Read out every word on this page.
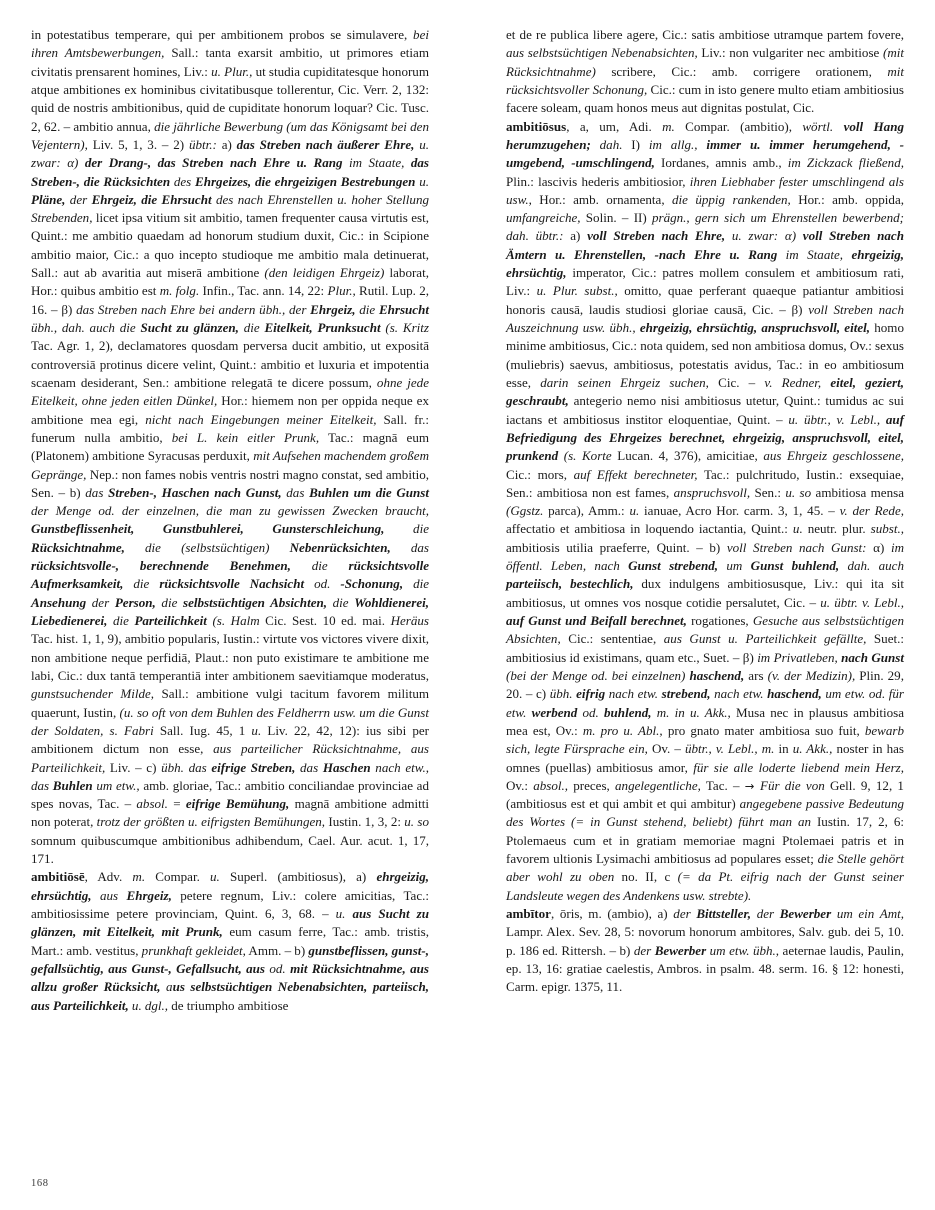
in potestatibus temperare, qui per ambitionem probos se simulavere, bei ihren Amtsbewerbungen, Sall.: tanta exarsit ambitio, ut primores etiam civitatis prensarent homines, Liv.: u. Plur., ut studia cupiditatesque honorum atque ambitiones ex hominibus civitatibusque tollerentur, Cic. Verr. 2, 132: quid de nostris ambitionibus, quid de cupiditate honorum loquar? Cic. Tusc. 2, 62. – ambitio annua, die jährliche Bewerbung (um das Königsamt bei den Vejentern), Liv. 5, 1, 3. – 2) übtr.: a) das Streben nach äußerer Ehre, u. zwar: α) der Drang-, das Streben nach Ehre u. Rang im Staate, das Streben-, die Rücksichten des Ehrgeizes, die ehrgeizigen Bestrebungen u. Pläne, der Ehrgeiz, die Ehrsucht des nach Ehrenstellen u. hoher Stellung Strebenden, licet ipsa vitium sit ambitio, tamen frequenter causa virtutis est, Quint.: me ambitio quaedam ad honorum studium duxit, Cic.: in Scipione ambitio maior, Cic.: a quo incepto studioque me ambitio mala detinuerat, Sall.: aut ab avaritia aut miserā ambitione (den leidigen Ehrgeiz) laborat, Hor.: quibus ambitio est m. folg. Infin., Tac. ann. 14, 22: Plur., Rutil. Lup. 2, 16. – β) das Streben nach Ehre bei andern übh., der Ehrgeiz, die Ehrsucht übh., dah. auch die Sucht zu glänzen, die Eitelkeit, Prunksucht (s. Kritz Tac. Agr. 1, 2), declamatores quosdam perversa ducit ambitio, ut expositā controversiā protinus dicere velint, Quint.: ambitio et luxuria et impotentia scaenam desiderant, Sen.: ambitione relegatā te dicere possum, ohne jede Eitelkeit, ohne jeden eitlen Dünkel, Hor.: hiemem non per oppida neque ex ambitione mea egi, nicht nach Eingebungen meiner Eitelkeit, Sall. fr.: funerum nulla ambitio, bei L. kein eitler Prunk, Tac.: magnā eum (Platonem) ambitione Syracusas perduxit, mit Aufsehen machendem großem Gepränge, Nep.: non fames nobis ventris nostri magno constat, sed ambitio, Sen. – b) das Streben-, Haschen nach Gunst, das Buhlen um die Gunst der Menge od. der einzelnen, die man zu gewissen Zwecken braucht, Gunstbeflissenheit, Gunstbuhlerei, Gunsterschleichung, die Rücksichtnahme, die (selbstsüchtigen) Nebenrücksichten, das rücksichtsvolle-, berechnende Benehmen, die rücksichtsvolle Aufmerksamkeit, die rücksichtsvolle Nachsicht od. -Schonung, die Ansehung der Person, die selbstsüchtigen Absichten, die Wohldienerei, Liebedienerei, die Parteilichkeit (s. Halm Cic. Sest. 10 ed. mai. Heräus Tac. hist. 1, 1, 9), ambitio popularis, Iustin.: virtute vos victores vivere dixit, non ambitione neque perfidiā, Plaut.: non puto existimare te ambitione me labi, Cic.: dux tantā temperantiā inter ambitionem saevitiamque moderatus, gunstsuchender Milde, Sall.: ambitione vulgi tacitum favorem militum quaerunt, Iustin, (u. so oft von dem Buhlen des Feldherrn usw. um die Gunst der Soldaten, s. Fabri Sall. Iug. 45, 1 u. Liv. 22, 42, 12): ius sibi per ambitionem dictum non esse, aus parteilicher Rücksichtnahme, aus Parteilichkeit, Liv. – c) übh. das eifrige Streben, das Haschen nach etw., das Buhlen um etw., amb. gloriae, Tac.: ambitio conciliandae provinciae ad spes novas, Tac. – absol. = eifrige Bemühung, magnā ambitione admitti non poterat, trotz der größten u. eifrigsten Bemühungen, Iustin. 1, 3, 2: u. so somnum quibuscumque ambitionibus adhibendum, Cael. Aur. acut. 1, 17, 171.

ambitiōsē, Adv. m. Compar. u. Superl. (ambitiosus), a) ehrgeizig, ehrsüchtig, aus Ehrgeiz, petere regnum, Liv.: colere amicitias, Tac.: ambitiosissime petere provinciam, Quint. 6, 3, 68. – u. aus Sucht zu glänzen, mit Eitelkeit, mit Prunk, eum casum ferre, Tac.: amb. tristis, Mart.: amb. vestitus, prunkhaft gekleidet, Amm. – b) gunstbeflissen, gunst-, gefallsüchtig, aus Gunst-, Gefallsucht, aus od. mit Rücksichtnahme, aus allzu großer Rücksicht, aus selbstsüchtigen Nebenabsichten, parteiisch, aus Parteilichkeit, u. dgl., de triumpho ambitiose

et de re publica libere agere, Cic.: satis ambitiose utramque partem fovere, aus selbstsüchtigen Nebenabsichten, Liv.: non vulgariter nec ambitiose (mit Rücksichtnahme) scribere, Cic.: amb. corrigere orationem, mit rücksichtsvoller Schonung, Cic.: cum in isto genere multo etiam ambitiosius facere soleam, quam honos meus aut dignitas postulat, Cic.

ambitiōsus, a, um, Adi. m. Compar. (ambitio), wörtl. voll Hang herumzugehen; dah. I) im allg., immer u. immer herumgehend, -umgebend, -umschlingend, Iordanes, amnis amb., im Zickzack fließend, Plin.: lascivis hederis ambitiosior, ihren Liebhaber fester umschlingend als usw., Hor.: amb. ornamenta, die üppig rankenden, Hor.: amb. oppida, umfangreiche, Solin. – II) prägn., gern sich um Ehrenstellen bewerbend; dah. übtr.: a) voll Streben nach Ehre, u. zwar: α) voll Streben nach Ämtern u. Ehrenstellen, -nach Ehre u. Rang im Staate, ehrgeizig, ehrsüchtig, imperator, Cic.: patres mollem consulem et ambitiosum rati, Liv.: u. Plur. subst., omitto, quae perferant quaeque patiantur ambitiosi honoris causā, laudis studiosi gloriae causā, Cic. – β) voll Streben nach Auszeichnung usw. übh., ehrgeizig, ehrsüchtig, anspruchsvoll, eitel, homo minime ambitiosus, Cic.: nota quidem, sed non ambitiosa domus, Ov.: sexus (muliebris) saevus, ambitiosus, potestatis avidus, Tac.: in eo ambitiosum esse, darin seinen Ehrgeiz suchen, Cic. – v. Redner, eitel, geziert, geschraubt, antegerio nemo nisi ambitiosus utetur, Quint.: tumidus ac sui iactans et ambitiosus institor eloquentiae, Quint. – u. übtr., v. Lebl., auf Befriedigung des Ehrgeizes berechnet, ehrgeizig, anspruchsvoll, eitel, prunkend (s. Korte Lucan. 4, 376), amicitiae, aus Ehrgeiz geschlossene, Cic.: mors, auf Effekt berechneter, Tac.: pulchritudo, Iustin.: exsequiae, Sen.: ambitiosa non est fames, anspruchsvoll, Sen.: u. so ambitiosa mensa (Ggstz. parca), Amm.: u. ianuae, Acro Hor. carm. 3, 1, 45. – v. der Rede, affectatio et ambitiosa in loquendo iactantia, Quint.: u. neutr. plur. subst., ambitiosis utilia praeferre, Quint. – b) voll Streben nach Gunst: α) im öffentl. Leben, nach Gunst strebend, um Gunst buhlend, dah. auch parteiisch, bestechlich, dux indulgens ambitiosusque, Liv.: qui ita sit ambitiosus, ut omnes vos nosque cotidie persalutet, Cic. – u. übtr. v. Lebl., auf Gunst und Beifall berechnet, rogationes, Gesuche aus selbstsüchtigen Absichten, Cic.: sententiae, aus Gunst u. Parteilichkeit gefällte, Suet.: ambitiosius id existimans, quam etc., Suet. – β) im Privatleben, nach Gunst (bei der Menge od. bei einzelnen) haschend, ars (v. der Medizin), Plin. 29, 20. – c) übh. eifrig nach etw. strebend, nach etw. haschend, um etw. od. für etw. werbend od. buhlend, m. in u. Akk., Musa nec in plausus ambitiosa mea est, Ov.: m. pro u. Abl., pro gnato mater ambitiosa suo fuit, bewarb sich, legte Fürsprache ein, Ov. – übtr., v. Lebl., m. in u. Akk., noster in has omnes (puellas) ambitiosus amor, für sie alle loderte liebend mein Herz, Ov.: absol., preces, angelegentliche, Tac. – → Für die von Gell. 9, 12, 1 (ambitiosus est et qui ambit et qui ambitur) angegebene passive Bedeutung des Wortes (= in Gunst stehend, beliebt) führt man an Iustin. 17, 2, 6: Ptolemaeus cum et in gratiam memoriae magni Ptolemaei patris et in favorem ultionis Lysimachi ambitiosus ad populares esset; die Stelle gehört aber wohl zu oben no. II, c (= da Pt. eifrig nach der Gunst seiner Landsleute wegen des Andenkens usw. strebte).

ambītor, ōris, m. (ambio), a) der Bittsteller, der Bewerber um ein Amt, Lampr. Alex. Sev. 28, 5: novorum honorum ambitores, Salv. gub. dei 5, 10. p. 186 ed. Rittersh. – b) der Bewerber um etw. übh., aeternae laudis, Paulin, ep. 13, 16: gratiae caelestis, Ambros. in psalm. 48. serm. 16. § 12: honesti, Carm. epigr. 1375, 11.

168
